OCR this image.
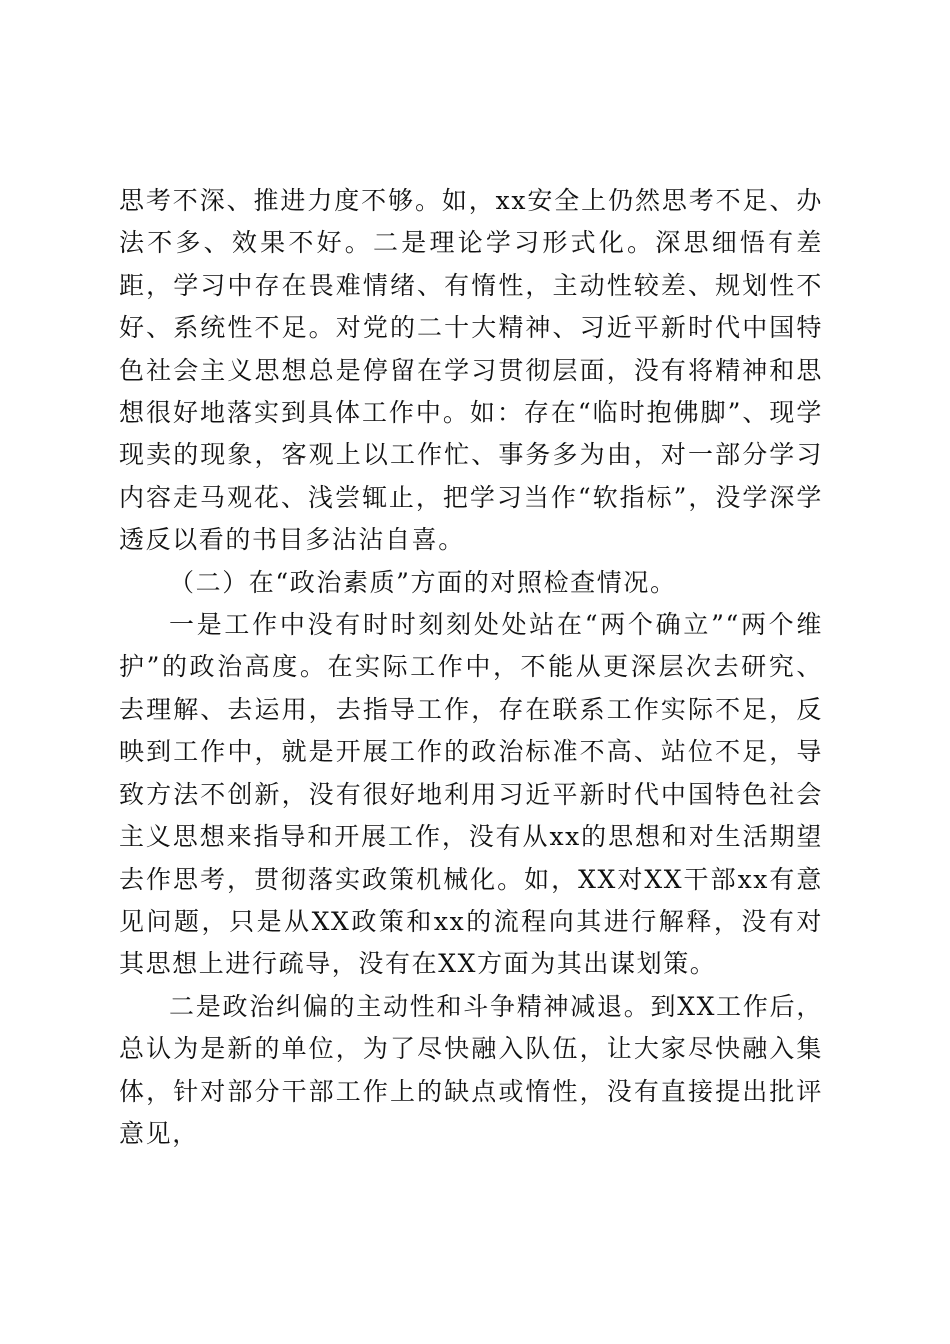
思考不深、推进力度不够。如，xx安全上仍然思考不足、办法不多、效果不好。二是理论学习形式化。深思细悟有差距，学习中存在畏难情绪、有惰性，主动性较差、规划性不好、系统性不足。对党的二十大精神、习近平新时代中国特色社会主义思想总是停留在学习贯彻层面，没有将精神和思想很好地落实到具体工作中。如：存在“临时抱佛脚”、现学现卖的现象，客观上以工作忙、事务多为由，对一部分学习内容走马观花、浅尝辄止，把学习当作“软指标”，没学深学透反以看的书目多沾沾自喜。

（二）在“政治素质”方面的对照检查情况。

一是工作中没有时时刻刻处处站在“两个确立”“两个维护”的政治高度。在实际工作中，不能从更深层次去研究、去理解、去运用，去指导工作，存在联系工作实际不足，反映到工作中，就是开展工作的政治标准不高、站位不足，导致方法不创新，没有很好地利用习近平新时代中国特色社会主义思想来指导和开展工作，没有从xx的思想和对生活期望去作思考，贯彻落实政策机械化。如，XX对XX干部xx有意见问题，只是从XX政策和xx的流程向其进行解释，没有对其思想上进行疏导，没有在XX方面为其出谋划策。

二是政治纠偏的主动性和斗争精神减退。到XX工作后，总认为是新的单位，为了尽快融入队伍，让大家尽快融入集体，针对部分干部工作上的缺点或惰性，没有直接提出批评意见，
